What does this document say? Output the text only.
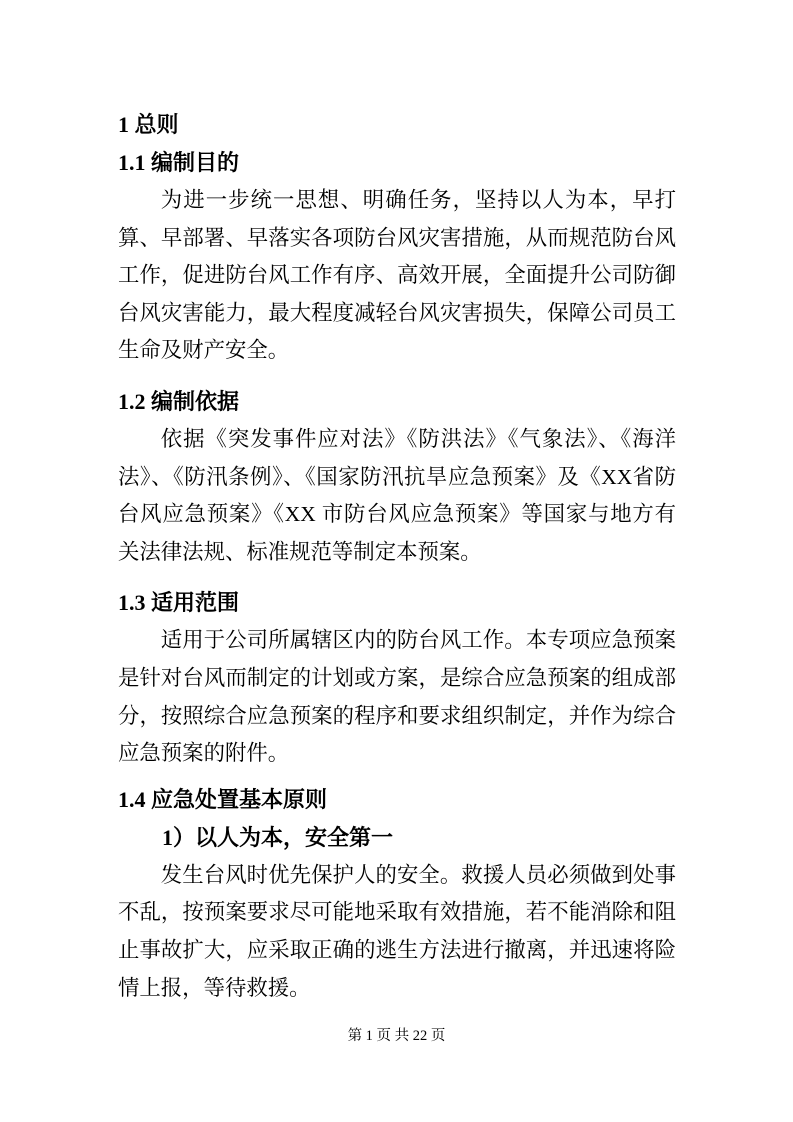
1 总则
1.1 编制目的

为进一步统一思想、明确任务，坚持以人为本，早打算、早部署、早落实各项防台风灾害措施，从而规范防台风工作，促进防台风工作有序、高效开展，全面提升公司防御台风灾害能力，最大程度减轻台风灾害损失，保障公司员工生命及财产安全。

1.2 编制依据

依据《突发事件应对法》《防洪法》《气象法》、《海洋法》、《防汛条例》、《国家防汛抗旱应急预案》及《XX省防台风应急预案》《XX 市防台风应急预案》等国家与地方有关法律法规、标准规范等制定本预案。

1.3 适用范围

适用于公司所属辖区内的防台风工作。本专项应急预案是针对台风而制定的计划或方案，是综合应急预案的组成部分，按照综合应急预案的程序和要求组织制定，并作为综合应急预案的附件。

1.4 应急处置基本原则
1）以人为本，安全第一

发生台风时优先保护人的安全。救援人员必须做到处事不乱，按预案要求尽可能地采取有效措施，若不能消除和阻止事故扩大，应采取正确的逃生方法进行撤离，并迅速将险情上报，等待救援。

第 1 页 共 22 页
